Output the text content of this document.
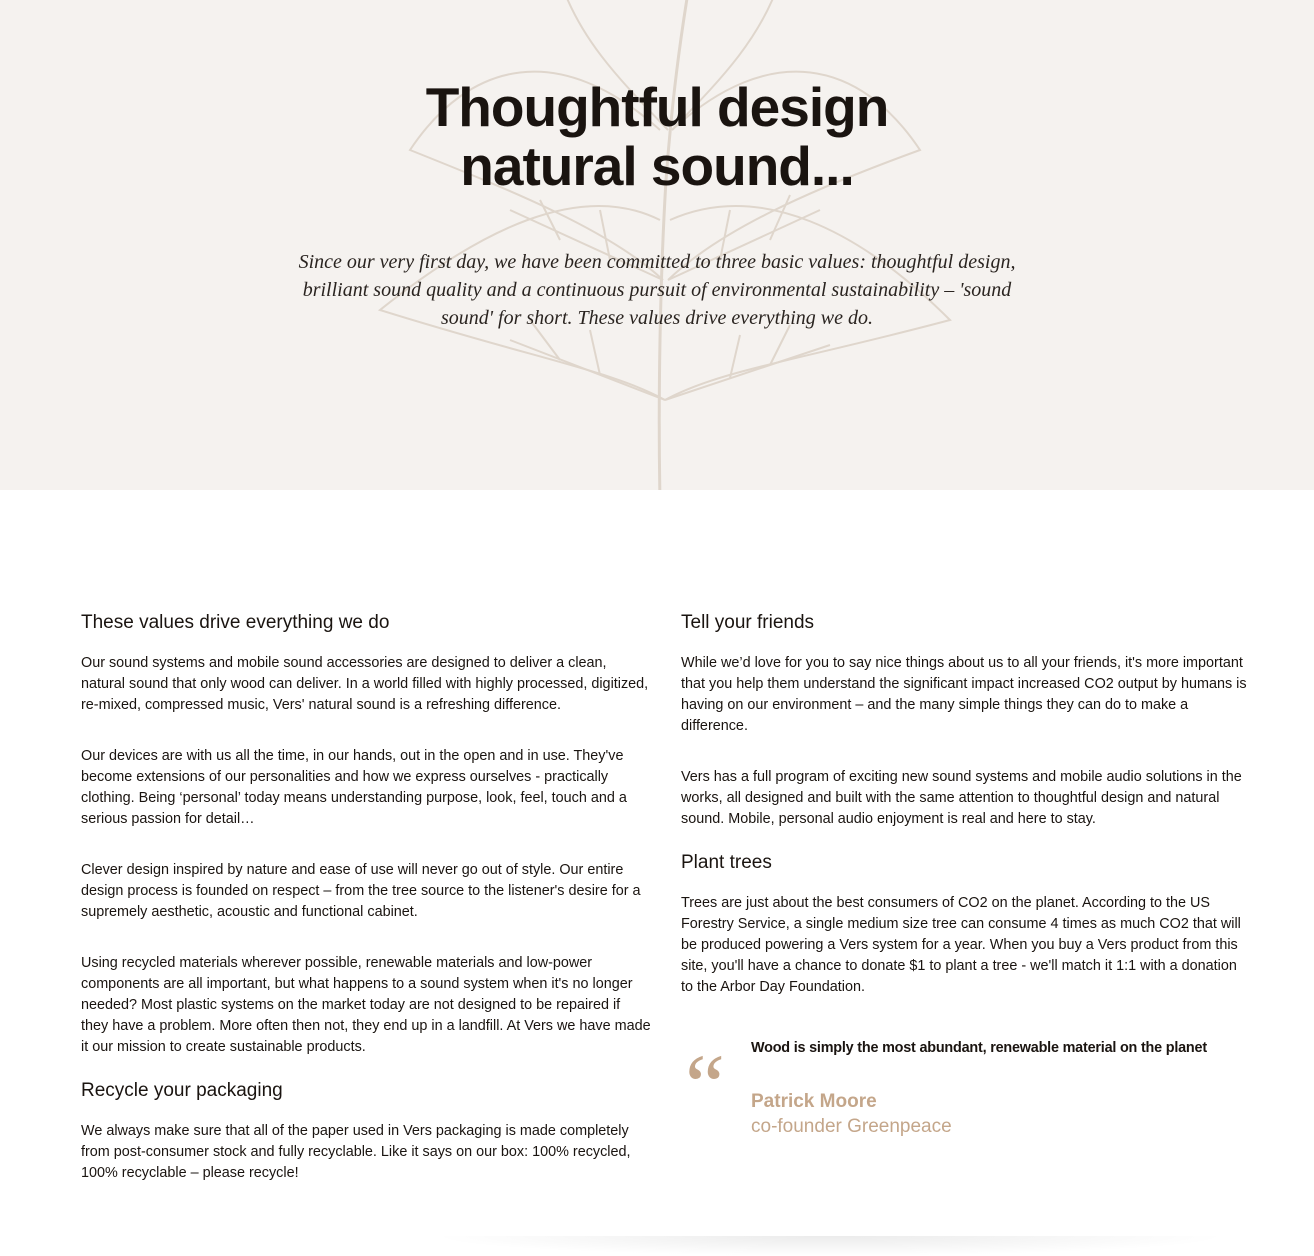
Thoughtful design
natural sound...

Since our very first day, we have been committed to three basic values: thoughtful design, brilliant sound quality and a continuous pursuit of environmental sustainability – 'sound sound' for short. These values drive everything we do.

These values drive everything we do

Our sound systems and mobile sound accessories are designed to deliver a clean, natural sound that only wood can deliver. In a world filled with highly processed, digitized, re-mixed, compressed music, Vers' natural sound is a refreshing difference.

Our devices are with us all the time, in our hands, out in the open and in use. They've become extensions of our personalities and how we express ourselves - practically clothing. Being ‘personal’ today means understanding purpose, look, feel, touch and a serious passion for detail…

Clever design inspired by nature and ease of use will never go out of style. Our entire design process is founded on respect – from the tree source to the listener's desire for a supremely aesthetic, acoustic and functional cabinet.

Using recycled materials wherever possible, renewable materials and low-power components are all important, but what happens to a sound system when it's no longer needed? Most plastic systems on the market today are not designed to be repaired if they have a problem. More often then not, they end up in a landfill. At Vers we have made it our mission to create sustainable products.

Recycle your packaging

We always make sure that all of the paper used in Vers packaging is made completely from post-consumer stock and fully recyclable. Like it says on our box: 100% recycled, 100% recyclable – please recycle!

Tell your friends

While we’d love for you to say nice things about us to all your friends, it's more important that you help them understand the significant impact increased CO2 output by humans is having on our environment – and the many simple things they can do to make a difference.

Vers has a full program of exciting new sound systems and mobile audio solutions in the works, all designed and built with the same attention to thoughtful design and natural sound. Mobile, personal audio enjoyment is real and here to stay.

Plant trees

Trees are just about the best consumers of CO2 on the planet. According to the US Forestry Service, a single medium size tree can consume 4 times as much CO2 that will be produced powering a Vers system for a year. When you buy a Vers product from this site, you'll have a chance to donate $1 to plant a tree - we'll match it 1:1 with a donation to the Arbor Day Foundation.

“ Wood is simply the most abundant, renewable material on the planet

Patrick Moore
co-founder Greenpeace
